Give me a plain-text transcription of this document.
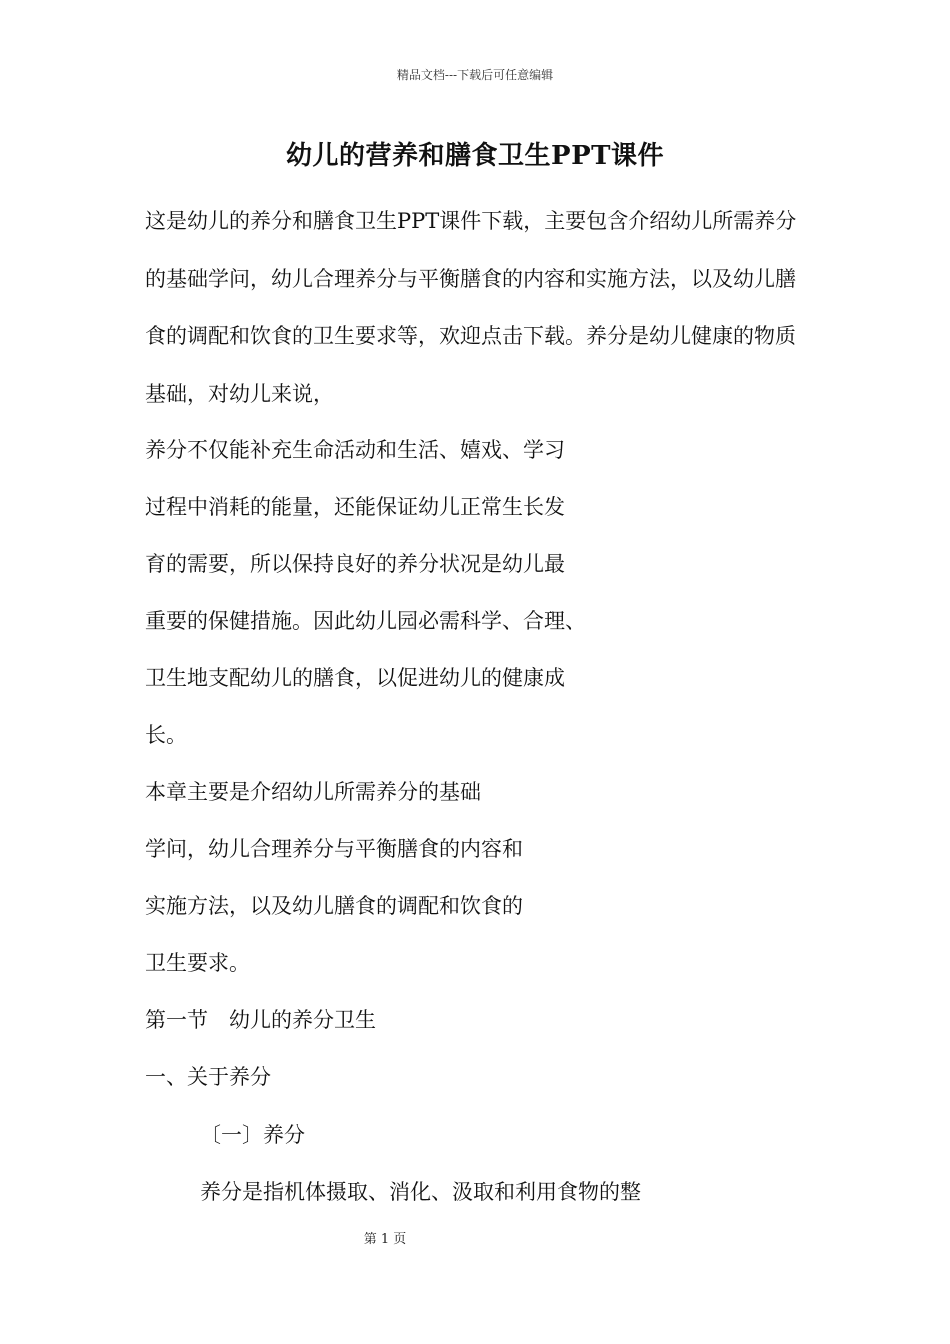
精品文档---下载后可任意编辑
幼儿的营养和膳食卫生PPT课件

这是幼儿的养分和膳食卫生PPT课件下载，主要包含介绍幼儿所需养分的基础学问，幼儿合理养分与平衡膳食的内容和实施方法，以及幼儿膳食的调配和饮食的卫生要求等，欢迎点击下载。养分是幼儿健康的物质基础，对幼儿来说，

养分不仅能补充生命活动和生活、嬉戏、学习
过程中消耗的能量，还能保证幼儿正常生长发
育的需要，所以保持良好的养分状况是幼儿最
重要的保健措施。因此幼儿园必需科学、合理、
卫生地支配幼儿的膳食，以促进幼儿的健康成
长。
本章主要是介绍幼儿所需养分的基础
学问，幼儿合理养分与平衡膳食的内容和
实施方法，以及幼儿膳食的调配和饮食的
卫生要求。
第一节　幼儿的养分卫生
一、关于养分
〔一〕养分
养分是指机体摄取、消化、汲取和利用食物的整
第 1 页
